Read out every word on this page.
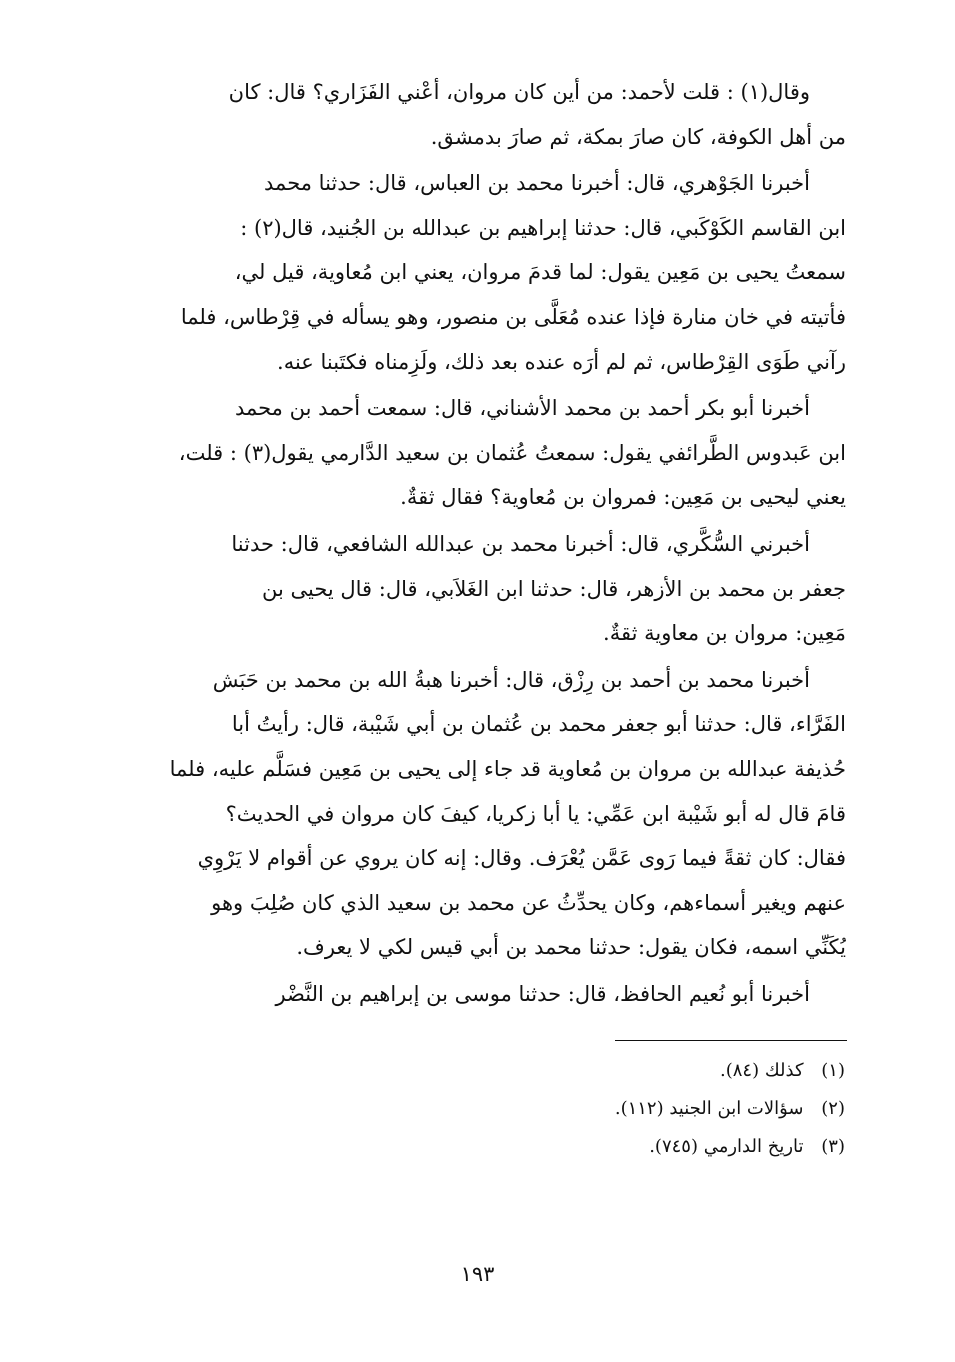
وقال(١) : قلت لأحمد: من أين كان مروان، أعْني الفَزَاري؟ قال: كان
من أهل الكوفة، كان صارَ بمكة، ثم صارَ بدمشق.

أخبرنا الجَوْهري، قال: أخبرنا محمد بن العباس، قال: حدثنا محمد
ابن القاسم الكَوْكَبي، قال: حدثنا إبراهيم بن عبدالله بن الجُنيد، قال(٢) :
سمعتُ يحيى بن مَعِين يقول: لما قدمَ مروان، يعني ابن مُعاوية، قيل لي،
فأتيته في خان منارة فإذا عنده مُعَلَّى بن منصور، وهو يسأله في قِرْطاس، فلما
رآني طَوَى القِرْطاس، ثم لم أرَه عنده بعد ذلك، ولَزِمناه فكتَبنا عنه.

أخبرنا أبو بكر أحمد بن محمد الأشناني، قال: سمعت أحمد بن محمد
ابن عَبدوس الطَّرائفي يقول: سمعتُ عُثمان بن سعيد الدَّارمي يقول(٣) : قلت،
يعني ليحيى بن مَعِين: فمروان بن مُعاوية؟ فقال ثقةٌ.

أخبرني السُّكَّري، قال: أخبرنا محمد بن عبدالله الشافعي، قال: حدثنا
جعفر بن محمد بن الأزهر، قال: حدثنا ابن الغَلاَبي، قال: قال يحيى بن
مَعِين: مروان بن معاوية ثقةٌ.

أخبرنا محمد بن أحمد بن رِزْق، قال: أخبرنا هبةُ الله بن محمد بن حَبَش
الفَرَّاء، قال: حدثنا أبو جعفر محمد بن عُثمان بن أبي شَيْبة، قال: رأيتُ أبا
حُذيفة عبدالله بن مروان بن مُعاوية قد جاء إلى يحيى بن مَعِين فسَلَّم عليه، فلما
قامَ قال له أبو شَيْبة ابن عَمِّي: يا أبا زكريا، كيفَ كان مروان في الحديث؟
فقال: كان ثقةً فيما رَوى عَمَّن يُعْرَف. وقال: إنه كان يروي عن أقوام لا يَرْوِي
عنهم ويغير أسماءهم، وكان يحدِّثُ عن محمد بن سعيد الذي كان صُلِبَ وهو
يُكَنِّي اسمه، فكان يقول: حدثنا محمد بن أبي قيس لكي لا يعرف.

أخبرنا أبو نُعيم الحافظ، قال: حدثنا موسى بن إبراهيم بن النَّضْر

(١) كذلك (٨٤).
(٢) سؤالات ابن الجنيد (١١٢).
(٣) تاريخ الدارمي (٧٤٥).
١٩٣
